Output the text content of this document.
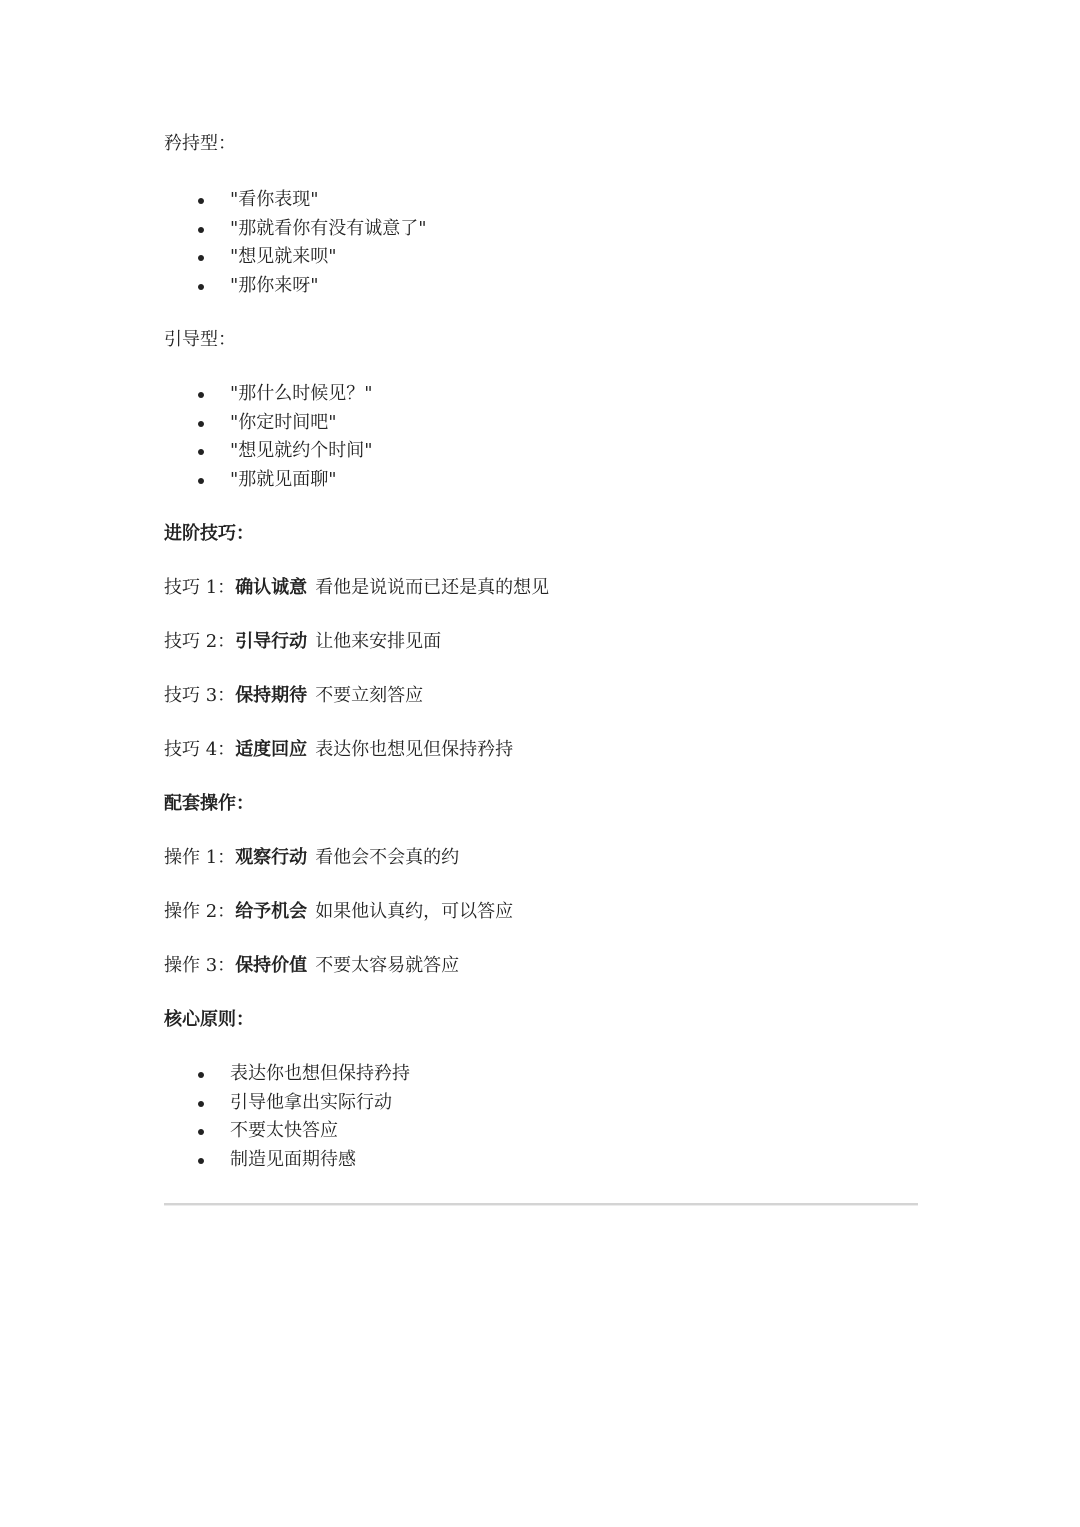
矜持型：
"看你表现"
"那就看你有没有诚意了"
"想见就来呗"
"那你来呀"
引导型：
"那什么时候见？"
"你定时间吧"
"想见就约个时间"
"那就见面聊"
进阶技巧：
技巧 1：确认诚意 看他是说说而已还是真的想见
技巧 2：引导行动 让他来安排见面
技巧 3：保持期待 不要立刻答应
技巧 4：适度回应 表达你也想见但保持矜持
配套操作：
操作 1：观察行动 看他会不会真的约
操作 2：给予机会 如果他认真约，可以答应
操作 3：保持价值 不要太容易就答应
核心原则：
表达你也想但保持矜持
引导他拿出实际行动
不要太快答应
制造见面期待感
